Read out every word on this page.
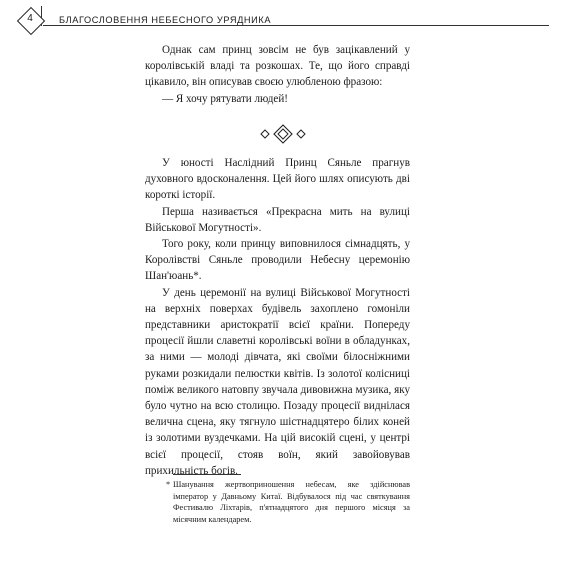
4	БЛАГОСЛОВЕННЯ НЕБЕСНОГО УРЯДНИКА

Однак сам принц зовсім не був зацікавлений у королівській владі та розкошах. Те, що його справді цікавило, він описував своєю улюбленою фразою:

— Я хочу рятувати людей!

У юності Наслідний Принц Сяньле прагнув духовного вдосконалення. Цей його шлях описують дві короткі історії.

Перша називається «Прекрасна мить на вулиці Військової Могутності».

Того року, коли принцу виповнилося сімнадцять, у Королівстві Сяньле проводили Небесну церемонію Шан'юань*.

У день церемонії на вулиці Військової Могутності на верхніх поверхах будівель захоплено гомоніли представники аристократії всієї країни. Попереду процесії йшли славетні королівські воїни в обладунках, за ними — молоді дівчата, які своїми білосніжними руками розкидали пелюстки квітів. Із золотої колісниці поміж великого натовпу звучала дивовижна музика, яку було чутно на всю столицю. Позаду процесії виднілася велична сцена, яку тягнуло шістнадцятеро білих коней із золотими вуздечками. На цій високій сцені, у центрі всієї процесії, стояв воїн, який завойовував прихильність богів.

* Шанування жертвоприношення небесам, яке здійснював імператор у Давньому Китаї. Відбувалося під час святкування Фестивалю Ліхтарів, п'ятнадцятого дня першого місяця за місячним календарем.
